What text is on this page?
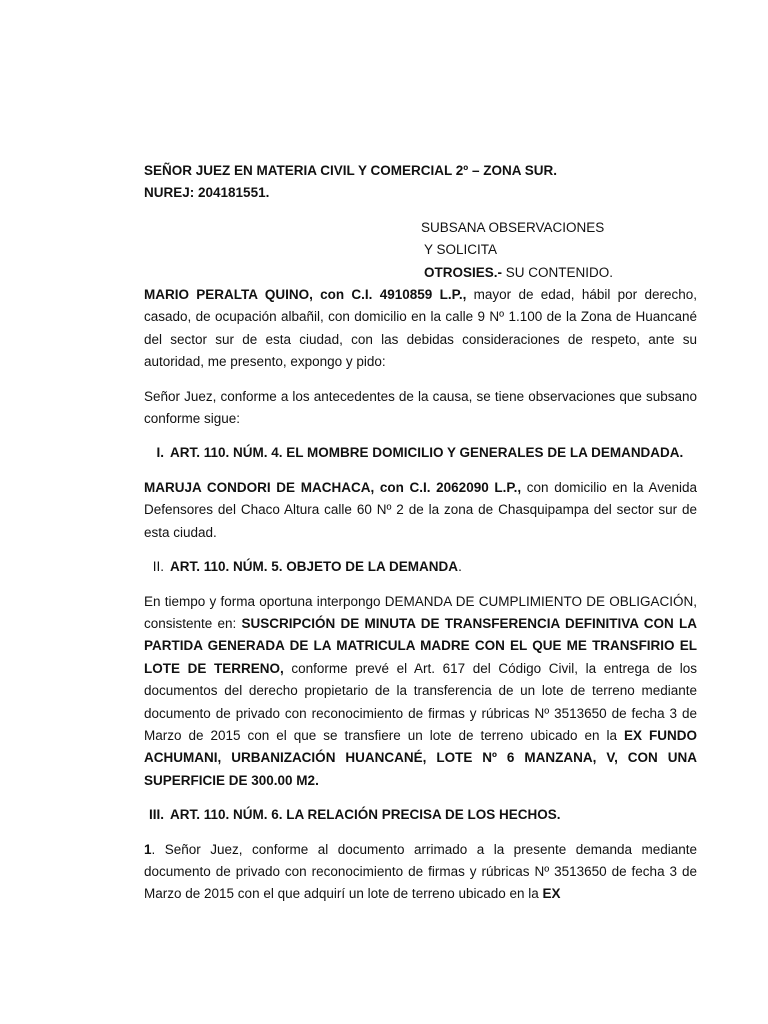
SEÑOR JUEZ EN MATERIA CIVIL Y COMERCIAL 2º – ZONA SUR.

NUREJ: 204181551.

SUBSANA OBSERVACIONES

Y SOLICITA

OTROSIES.- SU CONTENIDO.

MARIO PERALTA QUINO, con C.I. 4910859 L.P., mayor de edad, hábil por derecho, casado, de ocupación albañil, con domicilio en la calle 9 Nº 1.100 de la Zona de Huancané del sector sur de esta ciudad, con las debidas consideraciones de respeto, ante su autoridad, me presento, expongo y pido:

Señor Juez, conforme a los antecedentes de la causa, se tiene observaciones que subsano conforme sigue:

I. ART. 110. NÚM. 4. EL MOMBRE DOMICILIO Y GENERALES DE LA DEMANDADA.

MARUJA CONDORI DE MACHACA, con C.I. 2062090 L.P., con domicilio en la Avenida Defensores del Chaco Altura calle 60 Nº 2 de la zona de Chasquipampa del sector sur de esta ciudad.

II. ART. 110. NÚM. 5. OBJETO DE LA DEMANDA.

En tiempo y forma oportuna interpongo DEMANDA DE CUMPLIMIENTO DE OBLIGACIÓN, consistente en: SUSCRIPCIÓN DE MINUTA DE TRANSFERENCIA DEFINITIVA CON LA PARTIDA GENERADA DE LA MATRICULA MADRE CON EL QUE ME TRANSFIRIO EL LOTE DE TERRENO, conforme prevé el Art. 617 del Código Civil, la entrega de los documentos del derecho propietario de la transferencia de un lote de terreno mediante documento de privado con reconocimiento de firmas y rúbricas Nº 3513650 de fecha 3 de Marzo de 2015 con el que se transfiere un lote de terreno ubicado en la EX FUNDO ACHUMANI, URBANIZACIÓN HUANCANÉ, LOTE Nº 6 MANZANA, V, CON UNA SUPERFICIE DE 300.00 M2.

III. ART. 110. NÚM. 6. LA RELACIÓN PRECISA DE LOS HECHOS.

1. Señor Juez, conforme al documento arrimado a la presente demanda mediante documento de privado con reconocimiento de firmas y rúbricas Nº 3513650 de fecha 3 de Marzo de 2015 con el que adquirí un lote de terreno ubicado en la EX
